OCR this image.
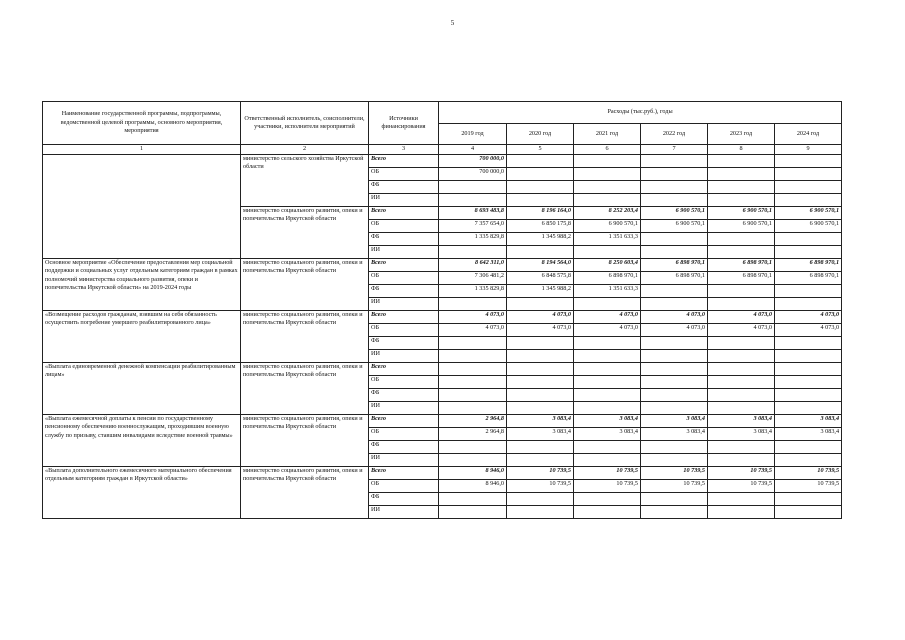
5
Наименование государственной программы, подпрограммы, ведомственной целевой программы, основного мероприятия, мероприятия	Ответственный исполнитель, соисполнители, участники, исполнители мероприятий	Источники финансирования	Расходы (тыс.руб.), годы					
			2019 год	2020 год	2021 год	2022 год	2023 год	2024 год
1	2	3	4	5	6	7	8	9
	министерство сельского хозяйства Иркутской области	Всего	700 000,0					
		ОБ	700 000,0					
		ФБ						
		ИИ						
	министерство социального развития, опеки и попечительства Иркутской области	Всего	8 693 483,8	8 196 164,0	8 252 203,4	6 900 570,1	6 900 570,1	6 900 570,1
		ОБ	7 357 654,0	6 850 175,8	6 900 570,1	6 900 570,1	6 900 570,1	6 900 570,1
		ФБ	1 335 829,8	1 345 988,2	1 351 633,3			
		ИИ						
Основное мероприятие «Обеспечение предоставления мер социальной поддержки и социальных услуг отдельным категориям граждан в рамках полномочий министерства социального развития, опеки и попечительства Иркутской области» на 2019-2024 годы	министерство социального развития, опеки и попечительства Иркутской области	Всего	8 642 311,0	8 194 564,0	8 250 603,4	6 898 970,1	6 898 970,1	6 898 970,1
		ОБ	7 306 481,2	6 848 575,8	6 898 970,1	6 898 970,1	6 898 970,1	6 898 970,1
		ФБ	1 335 829,8	1 345 988,2	1 351 633,3			
		ИИ						
«Возмещение расходов гражданам, взявшим на себя обязанность осуществить погребение умершего реабилитированного лица»	министерство социального развития, опеки и попечительства Иркутской области	Всего	4 073,0	4 073,0	4 073,0	4 073,0	4 073,0	4 073,0
		ОБ	4 073,0	4 073,0	4 073,0	4 073,0	4 073,0	4 073,0
		ФБ						
		ИИ						
«Выплата единовременной денежной компенсации реабилитированным лицам»	министерство социального развития, опеки и попечительства Иркутской области	Всего						
		ОБ						
		ФБ						
		ИИ						
«Выплата ежемесячной доплаты к пенсии по государственному пенсионному обеспечению военнослужащим, проходившим военную службу по призыву, ставшим инвалидами вследствие военной травмы»	министерство социального развития, опеки и попечительства Иркутской области	Всего	2 964,8	3 083,4	3 083,4	3 083,4	3 083,4	3 083,4
		ОБ	2 964,8	3 083,4	3 083,4	3 083,4	3 083,4	3 083,4
		ФБ						
		ИИ						
«Выплата дополнительного ежемесячного материального обеспечения отдельным категориям граждан в Иркутской области»	министерство социального развития, опеки и попечительства Иркутской области	Всего	8 946,0	10 739,5	10 739,5	10 739,5	10 739,5	10 739,5
		ОБ	8 946,0	10 739,5	10 739,5	10 739,5	10 739,5	10 739,5
		ФБ						
		ИИ						
